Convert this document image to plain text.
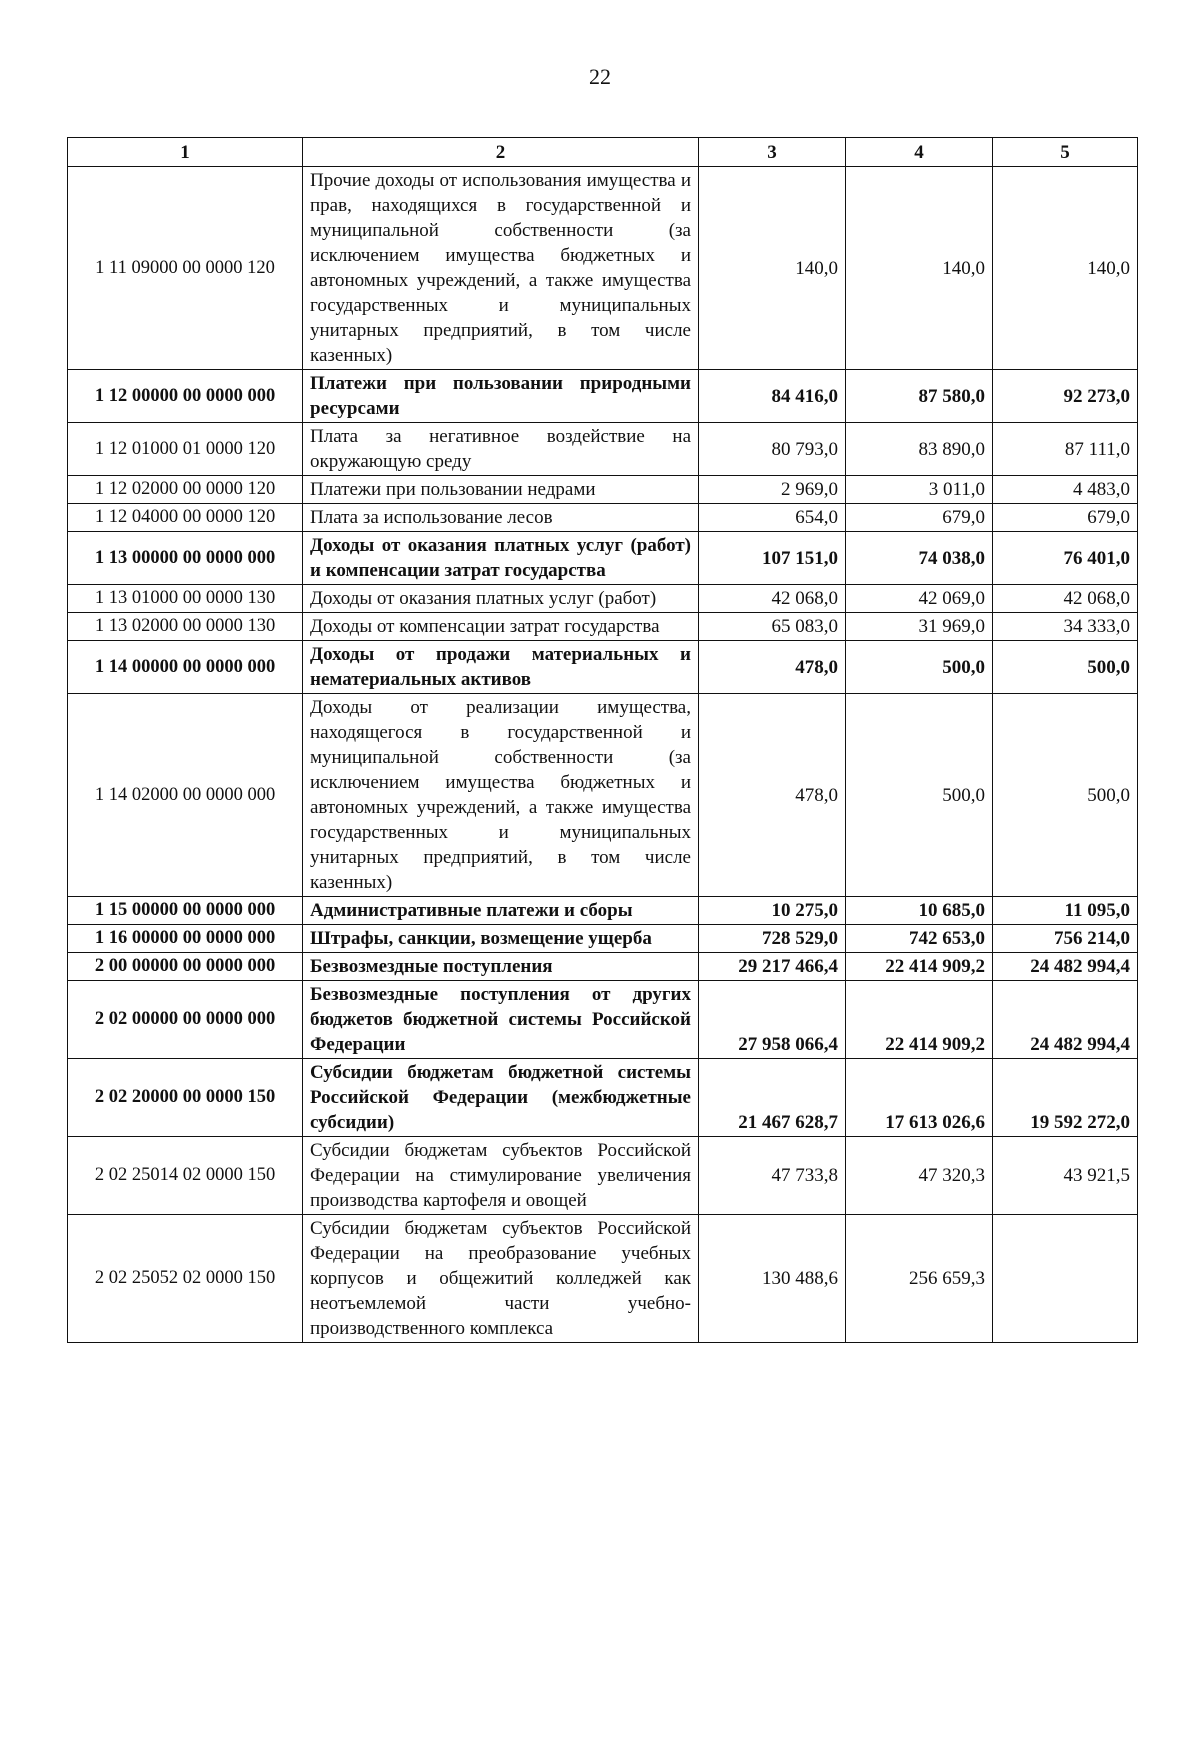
22
1	2	3	4	5
1 11 09000 00 0000 120	Прочие доходы от использования имущества и прав, находящихся в государственной и муниципальной собственности (за исключением имущества бюджетных и автономных учреждений, а также имущества государственных и муниципальных унитарных предприятий, в том числе казенных)	140,0	140,0	140,0
1 12 00000 00 0000 000	Платежи при пользовании природными ресурсами	84 416,0	87 580,0	92 273,0
1 12 01000 01 0000 120	Плата за негативное воздействие на окружающую среду	80 793,0	83 890,0	87 111,0
1 12 02000 00 0000 120	Платежи при пользовании недрами	2 969,0	3 011,0	4 483,0
1 12 04000 00 0000 120	Плата за использование лесов	654,0	679,0	679,0
1 13 00000 00 0000 000	Доходы от оказания платных услуг (работ) и компенсации затрат государства	107 151,0	74 038,0	76 401,0
1 13 01000 00 0000 130	Доходы от оказания платных услуг (работ)	42 068,0	42 069,0	42 068,0
1 13 02000 00 0000 130	Доходы от компенсации затрат государства	65 083,0	31 969,0	34 333,0
1 14 00000 00 0000 000	Доходы от продажи материальных и нематериальных активов	478,0	500,0	500,0
1 14 02000 00 0000 000	Доходы от реализации имущества, находящегося в государственной и муниципальной собственности (за исключением имущества бюджетных и автономных учреждений, а также имущества государственных и муниципальных унитарных предприятий, в том числе казенных)	478,0	500,0	500,0
1 15 00000 00 0000 000	Административные платежи и сборы	10 275,0	10 685,0	11 095,0
1 16 00000 00 0000 000	Штрафы, санкции, возмещение ущерба	728 529,0	742 653,0	756 214,0
2 00 00000 00 0000 000	Безвозмездные поступления	29 217 466,4	22 414 909,2	24 482 994,4
2 02 00000 00 0000 000	Безвозмездные поступления от других бюджетов бюджетной системы Российской Федерации	27 958 066,4	22 414 909,2	24 482 994,4
2 02 20000 00 0000 150	Субсидии бюджетам бюджетной системы Российской Федерации (межбюджетные субсидии)	21 467 628,7	17 613 026,6	19 592 272,0
2 02 25014 02 0000 150	Субсидии бюджетам субъектов Российской Федерации на стимулирование увеличения производства картофеля и овощей	47 733,8	47 320,3	43 921,5
2 02 25052 02 0000 150	Субсидии бюджетам субъектов Российской Федерации на преобразование учебных корпусов и общежитий колледжей как неотъемлемой части учебно-производственного комплекса	130 488,6	256 659,3	
